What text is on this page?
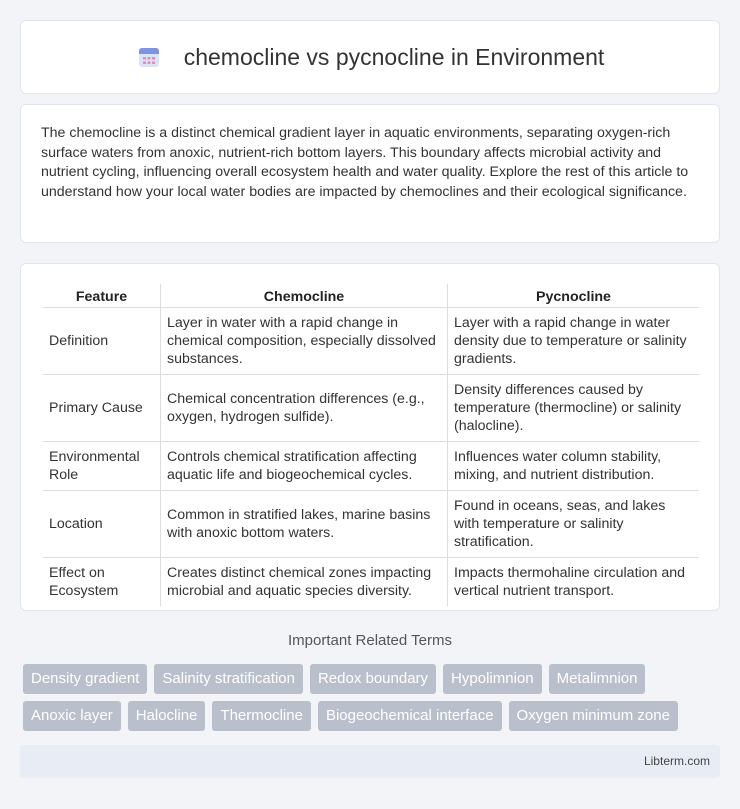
chemocline vs pycnocline in Environment

The chemocline is a distinct chemical gradient layer in aquatic environments, separating oxygen-rich surface waters from anoxic, nutrient-rich bottom layers. This boundary affects microbial activity and nutrient cycling, influencing overall ecosystem health and water quality. Explore the rest of this article to understand how your local water bodies are impacted by chemoclines and their ecological significance.

Feature	Chemocline	Pycnocline
Definition	Layer in water with a rapid change in chemical composition, especially dissolved substances.	Layer with a rapid change in water density due to temperature or salinity gradients.
Primary Cause	Chemical concentration differences (e.g., oxygen, hydrogen sulfide).	Density differences caused by temperature (thermocline) or salinity (halocline).
Environmental Role	Controls chemical stratification affecting aquatic life and biogeochemical cycles.	Influences water column stability, mixing, and nutrient distribution.
Location	Common in stratified lakes, marine basins with anoxic bottom waters.	Found in oceans, seas, and lakes with temperature or salinity stratification.
Effect on Ecosystem	Creates distinct chemical zones impacting microbial and aquatic species diversity.	Impacts thermohaline circulation and vertical nutrient transport.
Important Related Terms
Density gradient	Salinity stratification	Redox boundary	Hypolimnion	Metalimnion
Anoxic layer	Halocline	Thermocline	Biogeochemical interface	Oxygen minimum zone
Libterm.com
